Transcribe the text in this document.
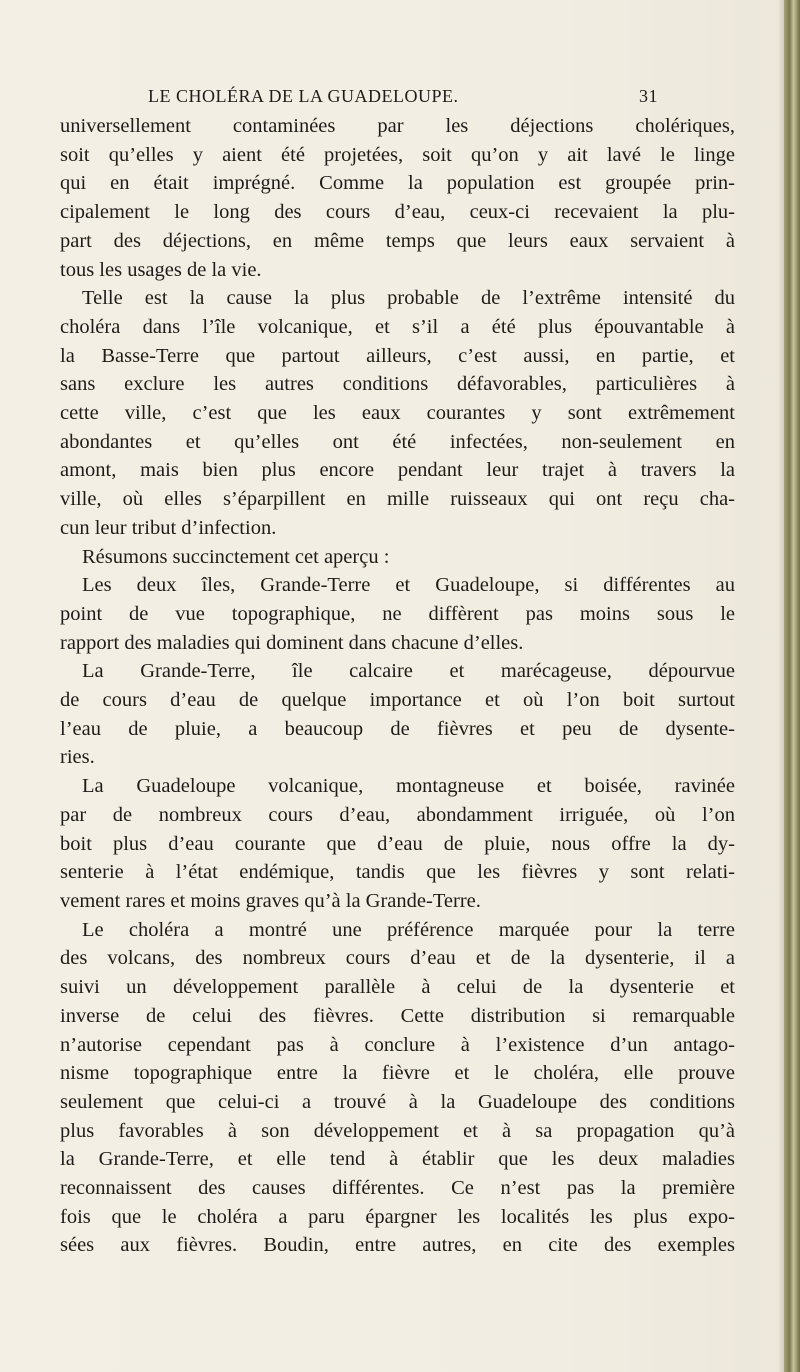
LE CHOLÉRA DE LA GUADELOUPE.	31
universellement contaminées par les déjections cholériques,
soit qu’elles y aient été projetées, soit qu’on y ait lavé le linge
qui en était imprégné. Comme la population est groupée prin-
cipalement le long des cours d’eau, ceux-ci recevaient la plu-
part des déjections, en même temps que leurs eaux servaient à
tous les usages de la vie.
Telle est la cause la plus probable de l’extrême intensité du
choléra dans l’île volcanique, et s’il a été plus épouvantable à
la Basse-Terre que partout ailleurs, c’est aussi, en partie, et
sans exclure les autres conditions défavorables, particulières à
cette ville, c’est que les eaux courantes y sont extrêmement
abondantes et qu’elles ont été infectées, non-seulement en
amont, mais bien plus encore pendant leur trajet à travers la
ville, où elles s’éparpillent en mille ruisseaux qui ont reçu cha-
cun leur tribut d’infection.
Résumons succinctement cet aperçu :
Les deux îles, Grande-Terre et Guadeloupe, si différentes au
point de vue topographique, ne diffèrent pas moins sous le
rapport des maladies qui dominent dans chacune d’elles.
La Grande-Terre, île calcaire et marécageuse, dépourvue
de cours d’eau de quelque importance et où l’on boit surtout
l’eau de pluie, a beaucoup de fièvres et peu de dysente-
ries.
La Guadeloupe volcanique, montagneuse et boisée, ravinée
par de nombreux cours d’eau, abondamment irriguée, où l’on
boit plus d’eau courante que d’eau de pluie, nous offre la dy-
senterie à l’état endémique, tandis que les fièvres y sont relati-
vement rares et moins graves qu’à la Grande-Terre.
Le choléra a montré une préférence marquée pour la terre
des volcans, des nombreux cours d’eau et de la dysenterie, il a
suivi un développement parallèle à celui de la dysenterie et
inverse de celui des fièvres. Cette distribution si remarquable
n’autorise cependant pas à conclure à l’existence d’un antago-
nisme topographique entre la fièvre et le choléra, elle prouve
seulement que celui-ci a trouvé à la Guadeloupe des conditions
plus favorables à son développement et à sa propagation qu’à
la Grande-Terre, et elle tend à établir que les deux maladies
reconnaissent des causes différentes. Ce n’est pas la première
fois que le choléra a paru épargner les localités les plus expo-
sées aux fièvres. Boudin, entre autres, en cite des exemples
